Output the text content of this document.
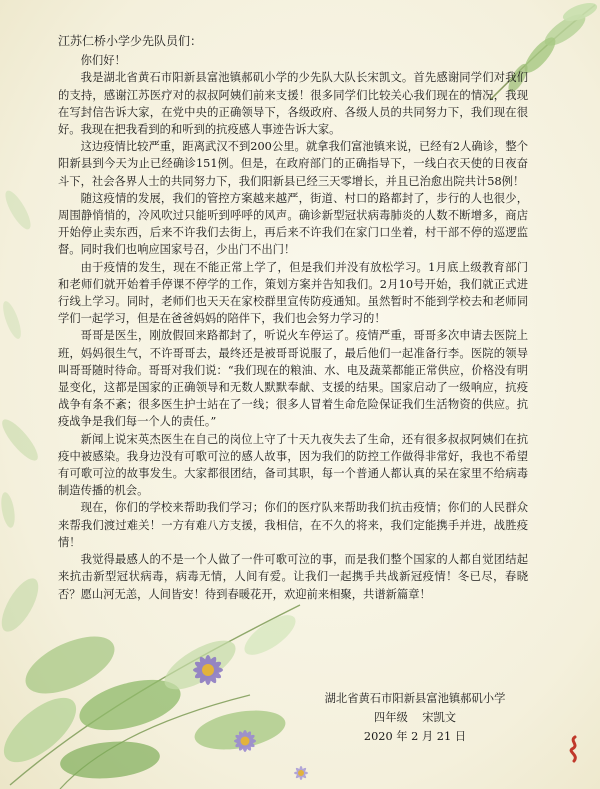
江苏仁桥小学少先队员们：

你们好！

我是湖北省黄石市阳新县富池镇郝矶小学的少先队大队长宋凯文。首先感谢同学们对我们的支持，感谢江苏医疗对的叔叔阿姨们前来支援！很多同学们比较关心我们现在的情况，我现在写封信告诉大家，在党中央的正确领导下，各级政府、各级人员的共同努力下，我们现在很好。我现在把我看到的和听到的抗疫感人事迹告诉大家。

这边疫情比较严重，距离武汉不到200公里。就拿我们富池镇来说，已经有2人确诊，整个阳新县到今天为止已经确诊151例。但是，在政府部门的正确指导下，一线白衣天使的日夜奋斗下，社会各界人士的共同努力下，我们阳新县已经三天零增长，并且已治愈出院共计58例！

随这疫情的发展，我们的管控方案越来越严，街道、村口的路都封了，步行的人也很少，周围静悄悄的，冷风吹过只能听到呼呼的风声。确诊新型冠状病毒肺炎的人数不断增多，商店开始停止卖东西，后来不许我们去街上，再后来不许我们在家门口坐着，村干部不停的巡逻监督。同时我们也响应国家号召，少出门不出门！

由于疫情的发生，现在不能正常上学了，但是我们并没有放松学习。1月底上级教育部门和老师们就开始着手停课不停学的工作，策划方案并告知我们。2月10号开始，我们就正式进行线上学习。同时，老师们也天天在家校群里宣传防疫通知。虽然暂时不能到学校去和老师同学们一起学习，但是在爸爸妈妈的陪伴下，我们也会努力学习的！

哥哥是医生，刚放假回来路都封了，听说火车停运了。疫情严重，哥哥多次申请去医院上班，妈妈很生气，不许哥哥去，最终还是被哥哥说服了，最后他们一起准备行李。医院的领导叫哥哥随时待命。哥哥对我们说：“我们现在的粮油、水、电及蔬菜都能正常供应，价格没有明显变化，这都是国家的正确领导和无数人默默奉献、支援的结果。国家启动了一级响应，抗疫战争有条不紊；很多医生护士站在了一线；很多人冒着生命危险保证我们生活物资的供应。抗疫战争是我们每一个人的责任。”

新闻上说宋英杰医生在自己的岗位上守了十天九夜失去了生命，还有很多叔叔阿姨们在抗疫中被感染。我身边没有可歌可泣的感人故事，因为我们的防控工作做得非常好，我也不希望有可歌可泣的故事发生。大家都很团结，备司其职，每一个普通人都认真的呆在家里不给病毒制造传播的机会。

现在，你们的学校来帮助我们学习；你们的医疗队来帮助我们抗击疫情；你们的人民群众来帮我们渡过难关！一方有难八方支援，我相信，在不久的将来，我们定能携手并进，战胜疫情！

我觉得最感人的不是一个人做了一件可歌可泣的事，而是我们整个国家的人都自觉团结起来抗击新型冠状病毒，病毒无情，人间有爱。让我们一起携手共战新冠疫情！冬已尽，春晓否？愿山河无恙，人间皆安！待到春暖花开，欢迎前来相聚，共谱新篇章！

湖北省黄石市阳新县富池镇郝矶小学
四年级 宋凯文
2020 年 2 月 21 日
